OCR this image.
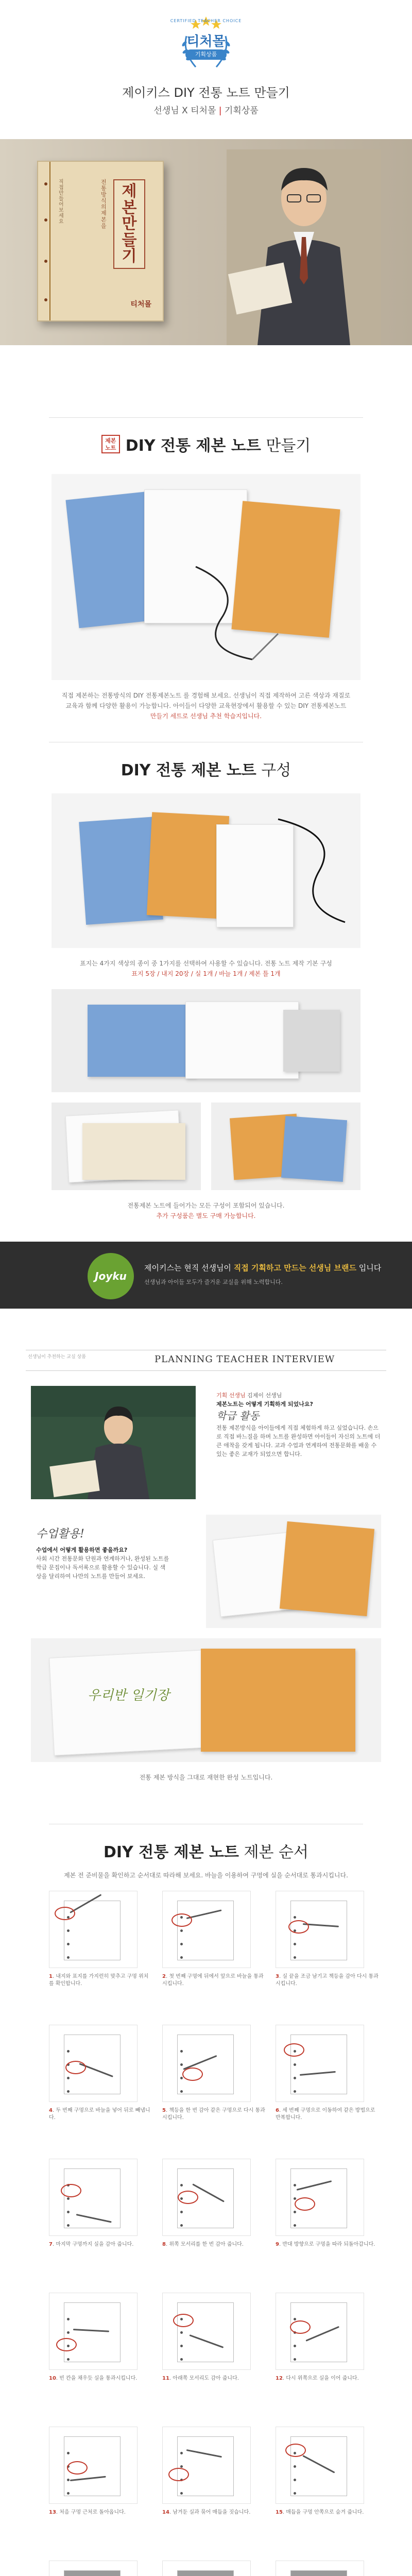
CERTIFIED TEACHER CHOICE
티처몰
기획상품
제이키스 DIY 전통 노트 만들기
선생님 X 티처몰 | 기획상품
제본만들기
전통방식의 제본을
직접 만들어보세요
티처몰
제본 노트 DIY 전통 제본 노트 만들기
직접 제본하는 전통방식의 DIY 전통제본노트 를 경험해 보세요. 선생님이 직접 제작하여 고른 색상과 재질로
교육과 함께 다양한 활용이 가능합니다. 아이들이 다양한 교육현장에서 활용할 수 있는 DIY 전통제본노트
만들기 세트로 선생님 추천 학습지입니다.
DIY 전통 제본 노트 구성
표지는 4가지 색상의 종이 중 1가지를 선택하여 사용할 수 있습니다. 전통 노트 제작 기본 구성
표지 5장 / 내지 20장 / 실 1개 / 바늘 1개 / 제본 틀 1개
전통제본 노트에 들어가는 모든 구성이 포함되어 있습니다.
추가 구성품은 별도 구매 가능합니다.
Joyku
제이키스는 현직 선생님이 직접 기획하고 만드는 선생님 브랜드 입니다
선생님과 아이들 모두가 즐거운 교실을 위해 노력합니다.
선생님이 추천하는 교실 상품	PLANNING TEACHER INTERVIEW
기획 선생님 김제이 선생님
제본노트는 어떻게 기획하게 되었나요?
학급 활동
전통 제본방식을 아이들에게 직접 체험하게 하고 싶었습니다. 손으로 직접 바느질을 하며 노트를 완성하면 아이들이 자신의 노트에 더 큰 애착을 갖게 됩니다. 교과 수업과 연계하여 전통문화를 배울 수 있는 좋은 교재가 되었으면 합니다.
수업활용!
수업에서 어떻게 활용하면 좋을까요?
사회 시간 전통문화 단원과 연계하거나, 완성된 노트를 학급 문집이나 독서록으로 활용할 수 있습니다. 실 색상을 달리하여 나만의 노트를 만들어 보세요.
우리반 일기장
전통 제본 방식을 그대로 재현한 완성 노트입니다.
DIY 전통 제본 노트 제본 순서
제본 전 준비물을 확인하고 순서대로 따라해 보세요. 바늘을 이용하여 구멍에 실을 순서대로 통과시킵니다.
1. 내지와 표지를 가지런히 맞추고 구멍 위치를 확인합니다.
2. 첫 번째 구멍에 뒤에서 앞으로 바늘을 통과시킵니다.
3. 실 끝을 조금 남기고 책등을 감아 다시 통과시킵니다.
4. 두 번째 구멍으로 바늘을 넣어 뒤로 빼냅니다.
5. 책등을 한 번 감아 같은 구멍으로 다시 통과시킵니다.
6. 세 번째 구멍으로 이동하여 같은 방법으로 반복합니다.
7. 마지막 구멍까지 실을 감아 줍니다.	8. 위쪽 모서리를 한 번 감아 줍니다.	9. 반대 방향으로 구멍을 따라 되돌아갑니다.
10. 빈 칸을 채우듯 실을 통과시킵니다.	11. 아래쪽 모서리도 감아 줍니다.	12. 다시 위쪽으로 실을 이어 줍니다.
13. 처음 구멍 근처로 돌아옵니다.	14. 남겨둔 실과 묶어 매듭을 짓습니다.	15. 매듭을 구멍 안쪽으로 숨겨 줍니다.
